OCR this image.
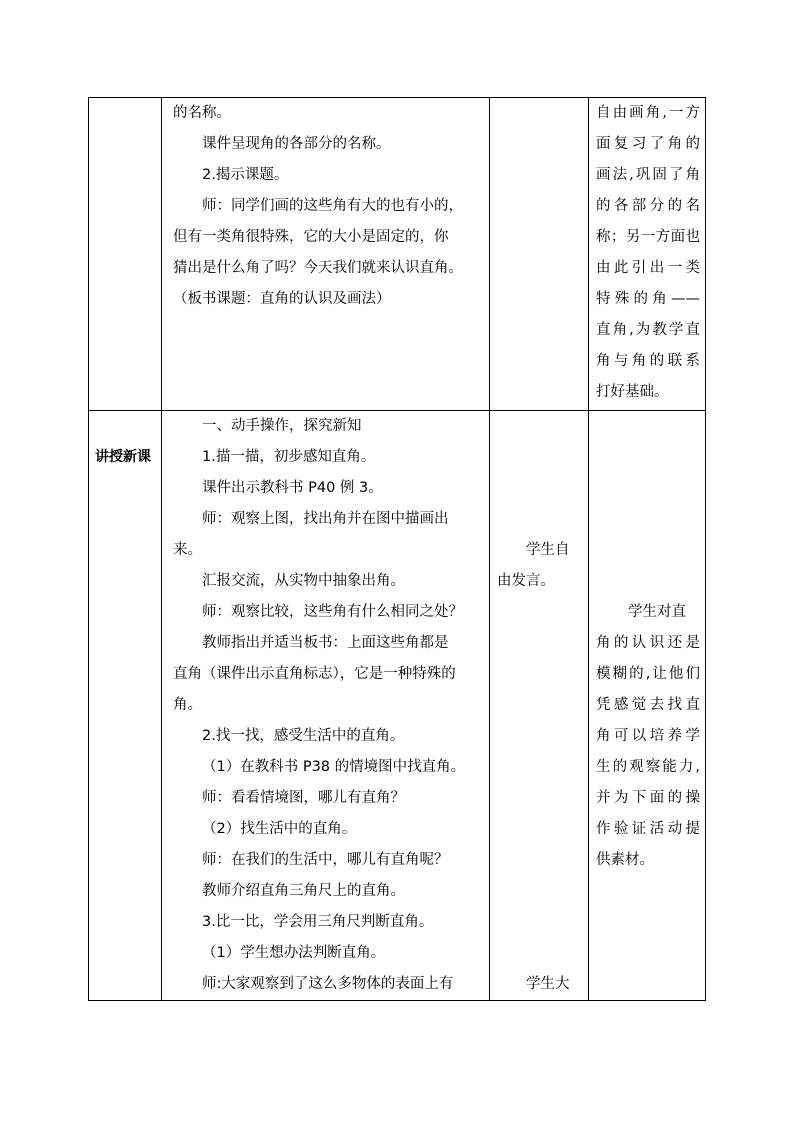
的名称。
课件呈现角的各部分的名称。
2.揭示课题。
师：同学们画的这些角有大的也有小的，
但有一类角很特殊，它的大小是固定的，你
猜出是什么角了吗？今天我们就来认识直角。
（板书课题：直角的认识及画法）
自由画角,一方
面复习了角的
画法,巩固了角
的各部分的名
称；另一方面也
由此引出一类
特殊的角——
直角,为教学直
角与角的联系
打好基础。
讲授新课
一、动手操作，探究新知
1.描一描，初步感知直角。
课件出示教科书 P40 例 3。
师：观察上图，找出角并在图中描画出
来。
汇报交流，从实物中抽象出角。
师：观察比较，这些角有什么相同之处？
教师指出并适当板书：上面这些角都是
直角（课件出示直角标志），它是一种特殊的
角。
2.找一找，感受生活中的直角。
（1）在教科书 P38 的情境图中找直角。
师：看看情境图，哪儿有直角？
（2）找生活中的直角。
师：在我们的生活中，哪儿有直角呢？
教师介绍直角三角尺上的直角。
3.比一比，学会用三角尺判断直角。
（1）学生想办法判断直角。
师:大家观察到了这么多物体的表面上有
学生自
由发言。
学生大
学生对直
角的认识还是
模糊的,让他们
凭感觉去找直
角可以培养学
生的观察能力,
并为下面的操
作验证活动提
供素材。
